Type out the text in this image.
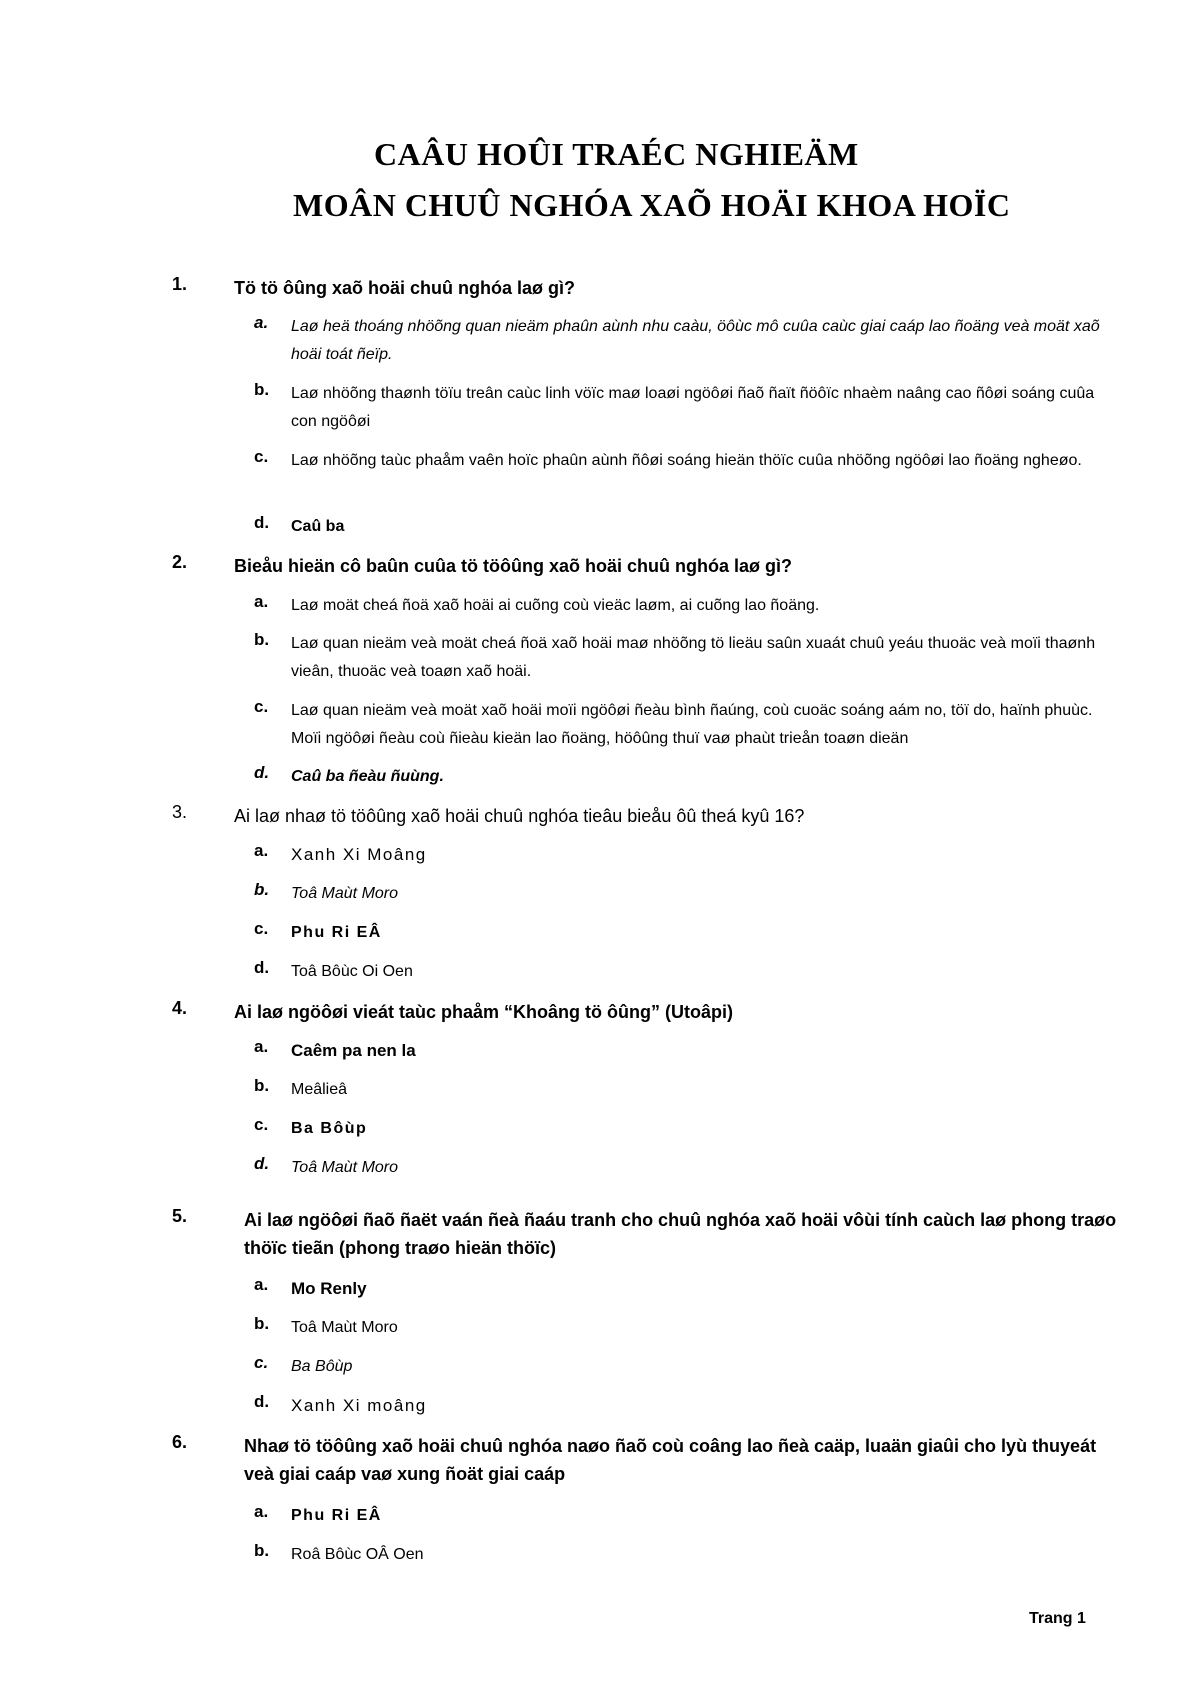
CAÂU HOÛI TRAÉC NGHIEÄM
MOÂN CHUÛ NGHÓA XAÕ HOÄI KHOA HOÏC
1.	Tö tö ôûng xaõ hoäi chuû nghóa laø gì?
a. Laø heä thoáng nhöõng quan nieäm phaûn aùnh nhu caàu, öôùc mô cuûa caùc giai caáp lao ñoäng veà moät xaõ hoäi toát ñeïp.
b. Laø nhöõng thaønh töïu treân caùc linh vöïc maø loaøi ngöôøi ñaõ ñaït ñöôïc nhaèm naâng cao ñôøi soáng cuûa con ngöôøi
c. Laø nhöõng taùc phaåm vaên hoïc phaûn aùnh ñôøi soáng hieän thöïc cuûa nhöõng ngöôøi lao ñoäng ngheøo.
d. Caû ba
2.	Bieåu hieän cô baûn cuûa tö töôûng xaõ hoäi chuû nghóa laø gì?
a. Laø moät cheá ñoä xaõ hoäi ai cuõng coù vieäc laøm, ai cuõng lao ñoäng.
b. Laø quan nieäm veà moät cheá ñoä xaõ hoäi maø nhöõng tö lieäu saûn xuaát chuû yeáu thuoäc veà moïi thaønh vieân, thuoäc veà toaøn xaõ hoäi.
c. Laø quan nieäm veà moät xaõ hoäi moïi ngöôøi ñeàu bình ñaúng, coù cuoäc soáng aám no, töï do, haïnh phuùc. Moïi ngöôøi ñeàu coù ñieàu kieän lao ñoäng, höôûng thuï vaø phaùt trieån toaøn dieän
d. Caû ba ñeàu ñuùng.
3.	Ai laø nhaø tö töôûng xaõ hoäi chuû nghóa tieâu bieåu ôû theá kyû 16?
a. Xanh Xi Moâng
b. Toâ Maùt Moro
c. Phu Ri EÂ
d. Toâ Bôùc Oi Oen
4.	Ai laø ngöôøi vieát taùc phaåm “Khoâng tö ôûng” (Utoâpi)
a. Caêm pa nen la
b. Meâlieâ
c. Ba Bôùp
d. Toâ Maùt Moro
5.	Ai laø ngöôøi ñaõ ñaët vaán ñeà ñaáu tranh cho chuû nghóa xaõ hoäi vôùi tính caùch laø phong traøo thöïc tieãn (phong traøo hieän thöïc)
a. Mo Renly
b. Toâ Maùt Moro
c. Ba Bôùp
d. Xanh Xi moâng
6.	Nhaø tö töôûng xaõ hoäi chuû nghóa naøo ñaõ coù coâng lao ñeà caäp, luaän giaûi cho lyù thuyeát veà giai caáp vaø xung ñoät giai caáp
a. Phu Ri EÂ
b. Roâ Bôùc OÂ Oen
Trang 1
